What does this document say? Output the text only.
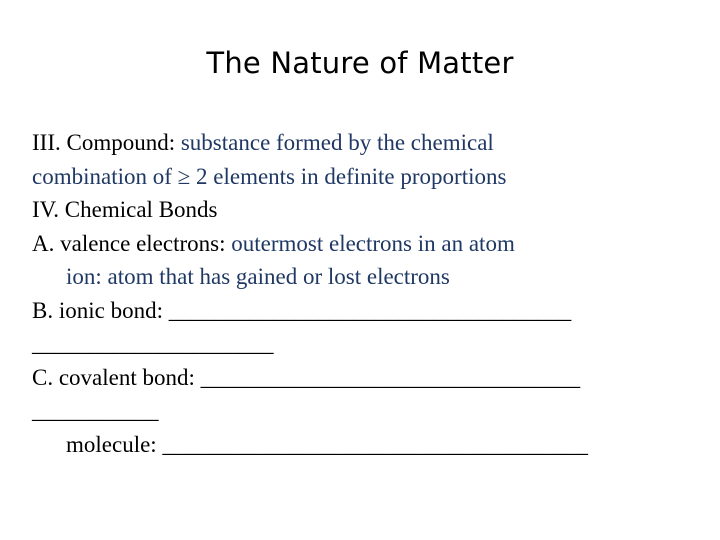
The Nature of Matter
III. Compound: substance formed by the chemical
combination of ≥ 2 elements in definite proportions
IV. Chemical Bonds
A. valence electrons: outermost electrons in an atom
ion: atom that has gained or lost electrons
B. ionic bond: ___________________________________
_____________________
C. covalent bond: _________________________________
___________
molecule: _____________________________________
